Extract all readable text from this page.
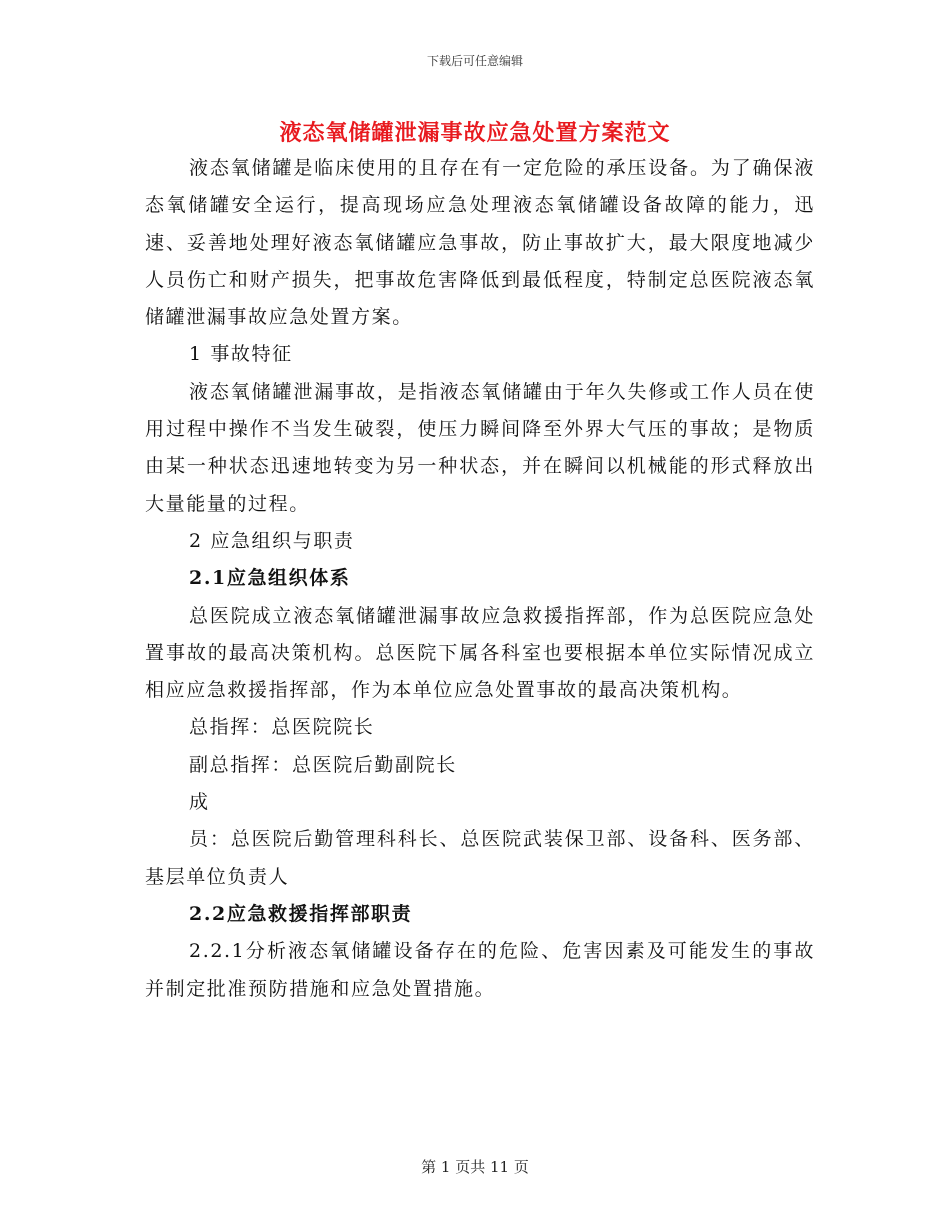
下载后可任意编辑
液态氧储罐泄漏事故应急处置方案范文

液态氧储罐是临床使用的且存在有一定危险的承压设备。为了确保液态氧储罐安全运行，提高现场应急处理液态氧储罐设备故障的能力，迅速、妥善地处理好液态氧储罐应急事故，防止事故扩大，最大限度地减少人员伤亡和财产损失，把事故危害降低到最低程度，特制定总医院液态氧储罐泄漏事故应急处置方案。

1 事故特征

液态氧储罐泄漏事故，是指液态氧储罐由于年久失修或工作人员在使用过程中操作不当发生破裂，使压力瞬间降至外界大气压的事故；是物质由某一种状态迅速地转变为另一种状态，并在瞬间以机械能的形式释放出大量能量的过程。

2 应急组织与职责

2.1应急组织体系

总医院成立液态氧储罐泄漏事故应急救援指挥部，作为总医院应急处置事故的最高决策机构。总医院下属各科室也要根据本单位实际情况成立相应应急救援指挥部，作为本单位应急处置事故的最高决策机构。

总指挥：总医院院长

副总指挥：总医院后勤副院长

成

员：总医院后勤管理科科长、总医院武装保卫部、设备科、医务部、基层单位负责人

2.2应急救援指挥部职责

2.2.1分析液态氧储罐设备存在的危险、危害因素及可能发生的事故并制定批准预防措施和应急处置措施。

第 1 页共 11 页
